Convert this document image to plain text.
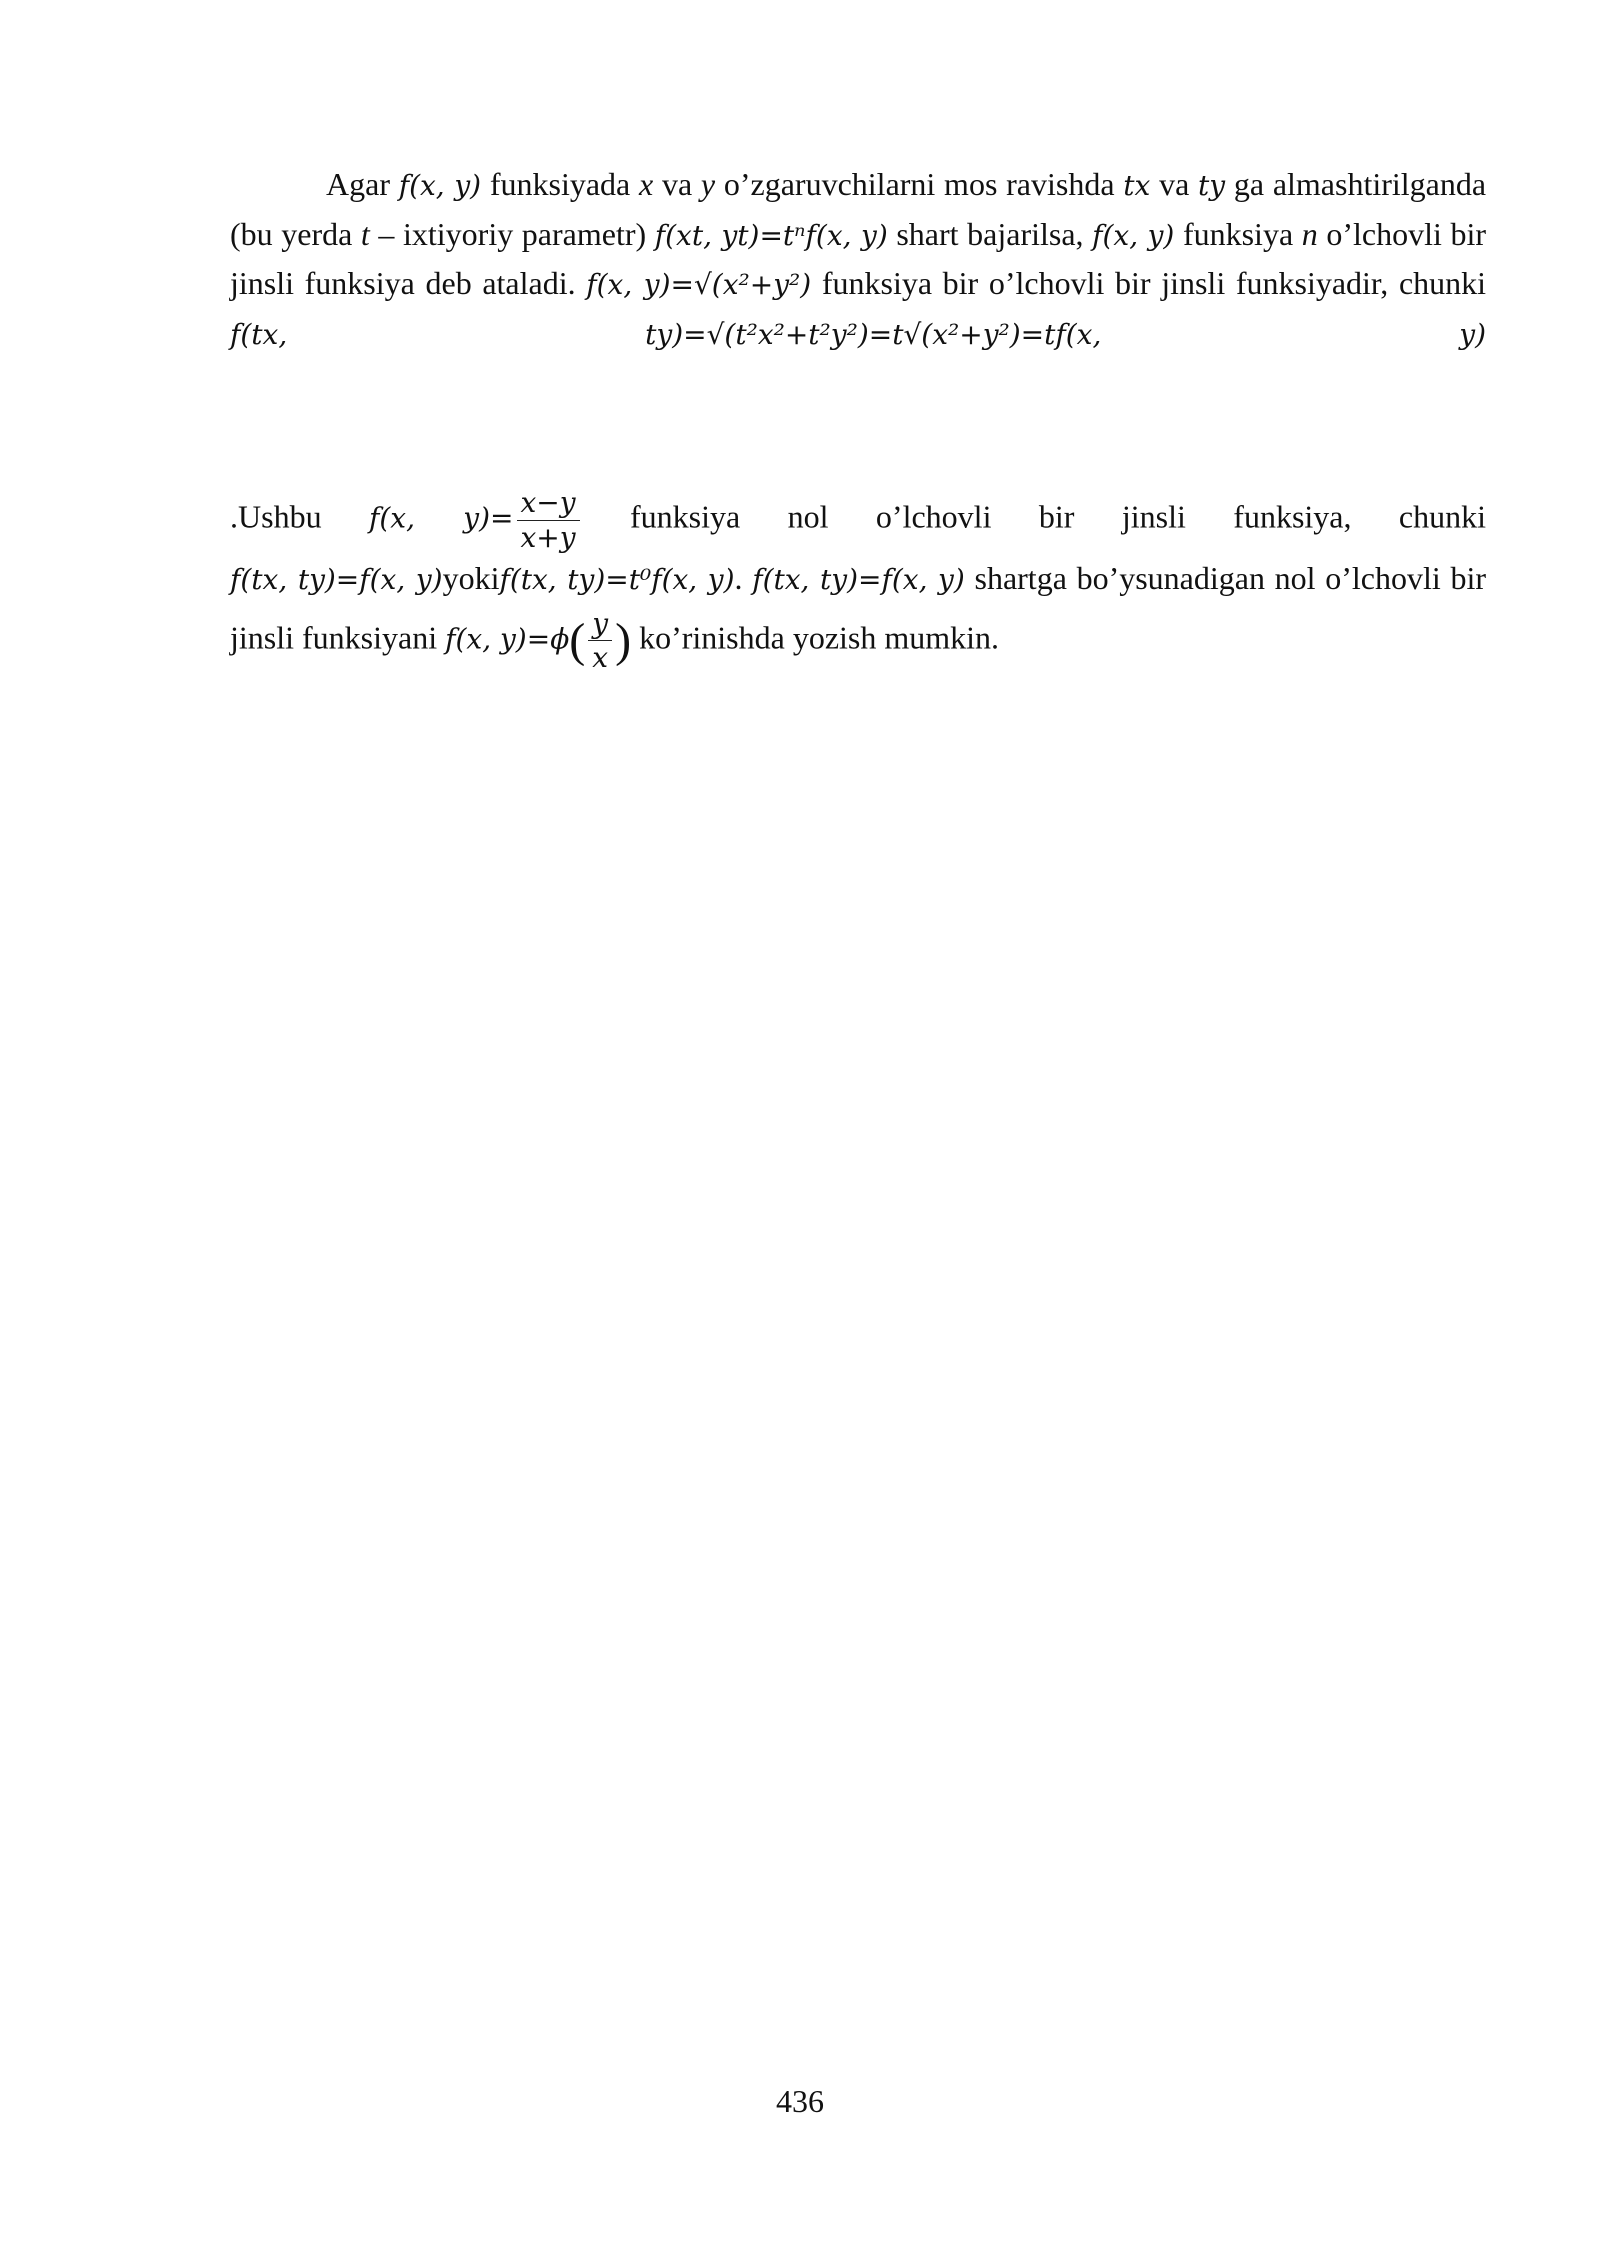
Agar f(x, y) funksiyada x va y o’zgaruvchilarni mos ravishda tx va ty ga almashtirilganda (bu yerda t – ixtiyoriy parametr) f(xt, yt)=tⁿf(x, y) shart bajarilsa, f(x, y) funksiya n o’lchovli bir jinsli funksiya deb ataladi. f(x, y)=√(x²+y²) funksiya bir o’lchovli bir jinsli funksiyadir, chunki f(tx, ty)=√(t²x²+t²y²)=t√(x²+y²)=tf(x, y)

.Ushbu f(x, $y)= \frac{x-y}{x+y}$ funksiya nol o’lchovli bir jinsli funksiya, chunki f(tx, ty)=f(x, y)yokif(tx, ty)=t⁰f(x, y). f(tx, ty)=f(x, y) shartga bo’ysunadigan nol o’lchovli bir jinsli funksiyani f(x, $y)=\phi( \frac{y}{x}$ ) ko’rinishda yozish mumkin.

436
